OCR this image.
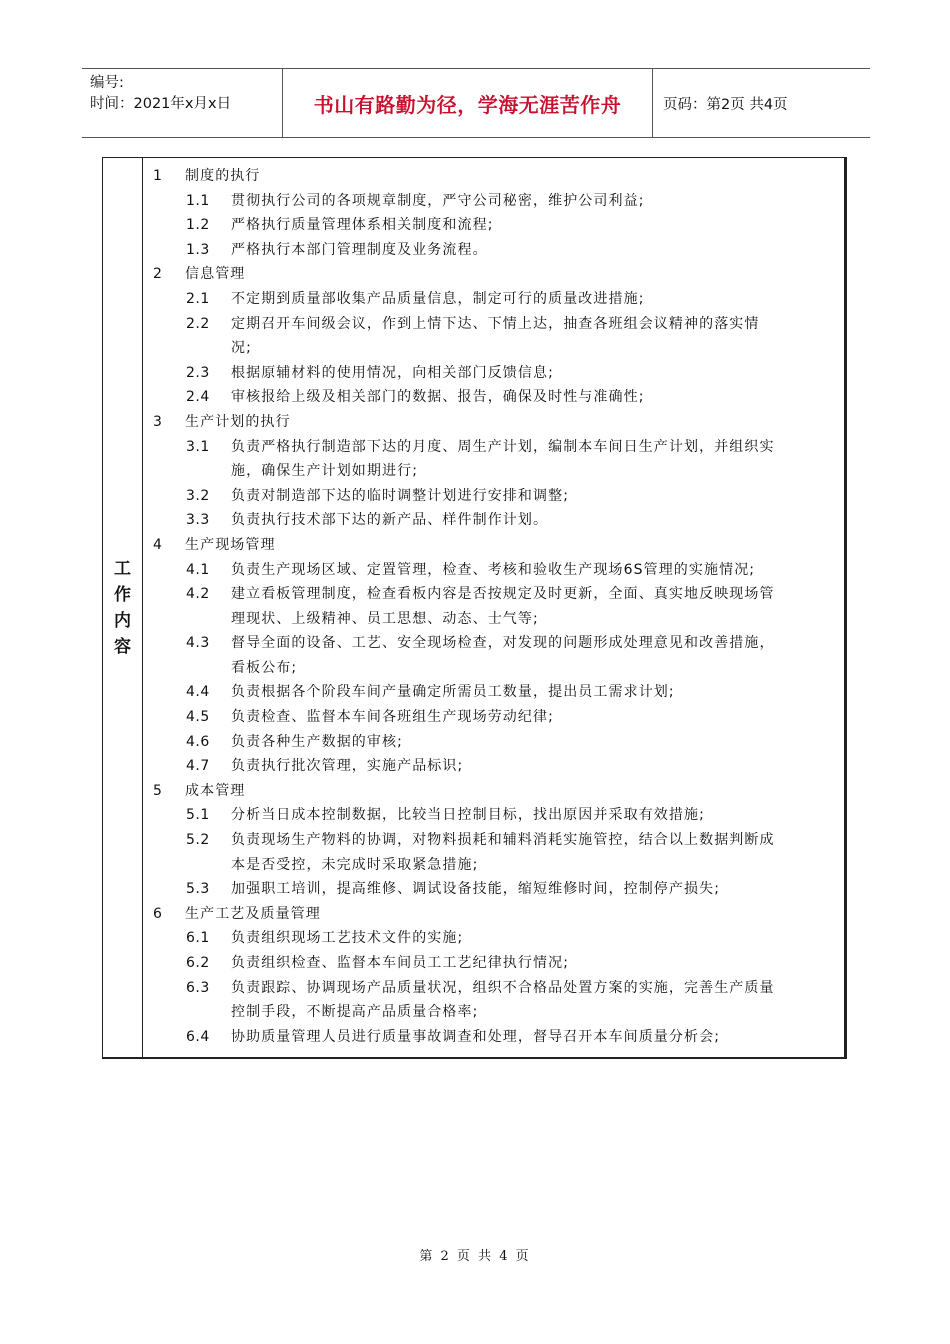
编号:
时间：2021年x月x日	书山有路勤为径，学海无涯苦作舟	页码：第2页 共4页
工
作
内
容
1	制度的执行
1.1	贯彻执行公司的各项规章制度，严守公司秘密，维护公司利益;
1.2	严格执行质量管理体系相关制度和流程;
1.3	严格执行本部门管理制度及业务流程。
2	信息管理
2.1	不定期到质量部收集产品质量信息，制定可行的质量改进措施;
2.2	定期召开车间级会议，作到上情下达、下情上达，抽查各班组会议精神的落实情
况;
2.3	根据原辅材料的使用情况，向相关部门反馈信息;
2.4	审核报给上级及相关部门的数据、报告，确保及时性与准确性;
3	生产计划的执行
3.1	负责严格执行制造部下达的月度、周生产计划，编制本车间日生产计划，并组织实
施，确保生产计划如期进行;
3.2	负责对制造部下达的临时调整计划进行安排和调整;
3.3	负责执行技术部下达的新产品、样件制作计划。
4	生产现场管理
4.1	负责生产现场区域、定置管理，检查、考核和验收生产现场6S管理的实施情况;
4.2	建立看板管理制度，检查看板内容是否按规定及时更新，全面、真实地反映现场管
理现状、上级精神、员工思想、动态、士气等;
4.3	督导全面的设备、工艺、安全现场检查，对发现的问题形成处理意见和改善措施，
看板公布;
4.4	负责根据各个阶段车间产量确定所需员工数量，提出员工需求计划;
4.5	负责检查、监督本车间各班组生产现场劳动纪律;
4.6	负责各种生产数据的审核;
4.7	负责执行批次管理，实施产品标识;
5	成本管理
5.1	分析当日成本控制数据，比较当日控制目标，找出原因并采取有效措施;
5.2	负责现场生产物料的协调，对物料损耗和辅料消耗实施管控，结合以上数据判断成
本是否受控，未完成时采取紧急措施;
5.3	加强职工培训，提高维修、调试设备技能，缩短维修时间，控制停产损失;
6	生产工艺及质量管理
6.1	负责组织现场工艺技术文件的实施;
6.2	负责组织检查、监督本车间员工工艺纪律执行情况;
6.3	负责跟踪、协调现场产品质量状况，组织不合格品处置方案的实施，完善生产质量
控制手段，不断提高产品质量合格率;
6.4	协助质量管理人员进行质量事故调查和处理，督导召开本车间质量分析会;
第 2 页 共 4 页
